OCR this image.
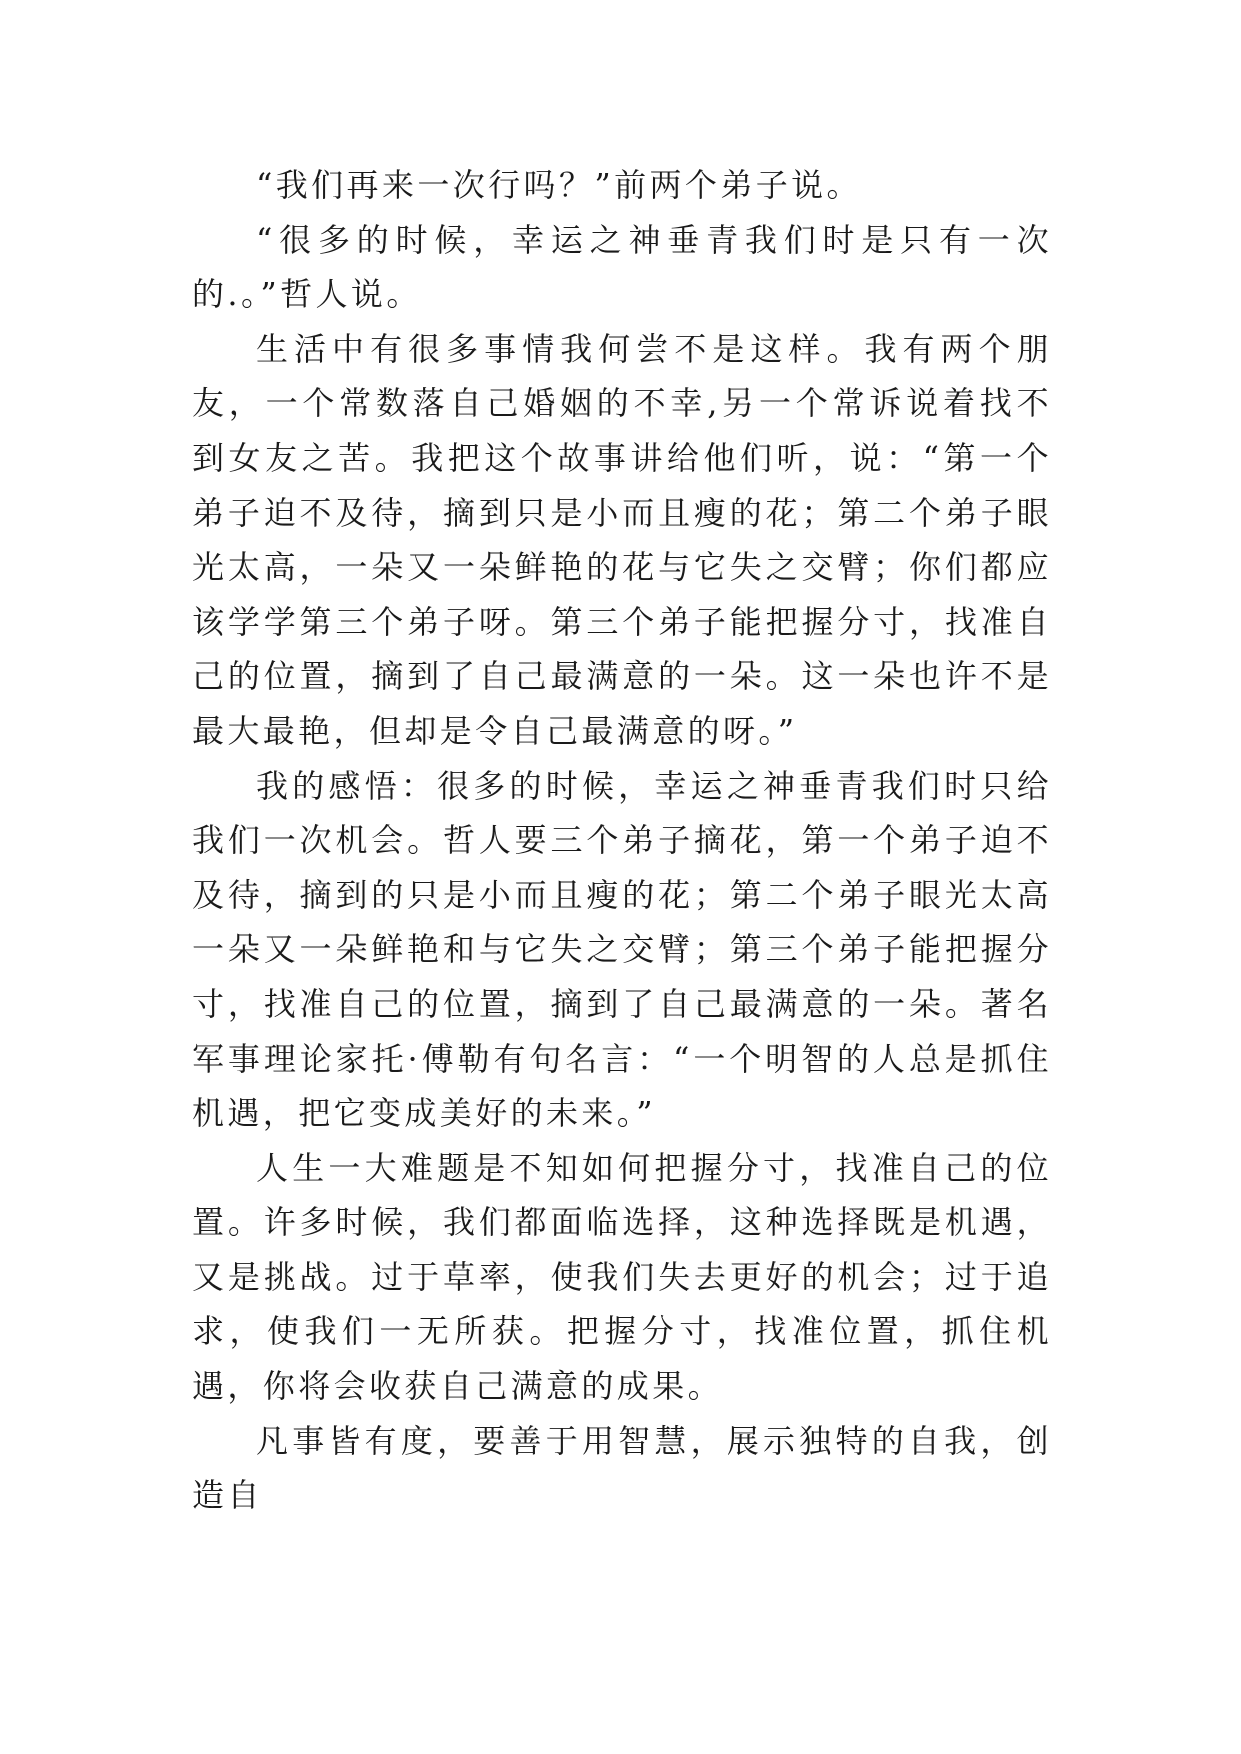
“我们再来一次行吗？”前两个弟子说。

“很多的时候，幸运之神垂青我们时是只有一次的.。”哲人说。

生活中有很多事情我何尝不是这样。我有两个朋友，一个常数落自己婚姻的不幸,另一个常诉说着找不到女友之苦。我把这个故事讲给他们听，说：“第一个弟子迫不及待，摘到只是小而且瘦的花；第二个弟子眼光太高，一朵又一朵鲜艳的花与它失之交臂；你们都应该学学第三个弟子呀。第三个弟子能把握分寸，找准自己的位置，摘到了自己最满意的一朵。这一朵也许不是最大最艳，但却是令自己最满意的呀。”

我的感悟：很多的时候，幸运之神垂青我们时只给我们一次机会。哲人要三个弟子摘花，第一个弟子迫不及待，摘到的只是小而且瘦的花；第二个弟子眼光太高一朵又一朵鲜艳和与它失之交臂；第三个弟子能把握分寸，找准自己的位置，摘到了自己最满意的一朵。著名军事理论家托·傅勒有句名言：“一个明智的人总是抓住机遇，把它变成美好的未来。”

人生一大难题是不知如何把握分寸，找准自己的位置。许多时候，我们都面临选择，这种选择既是机遇，又是挑战。过于草率，使我们失去更好的机会；过于追求，使我们一无所获。把握分寸，找准位置，抓住机遇，你将会收获自己满意的成果。

凡事皆有度，要善于用智慧，展示独特的自我，创造自
